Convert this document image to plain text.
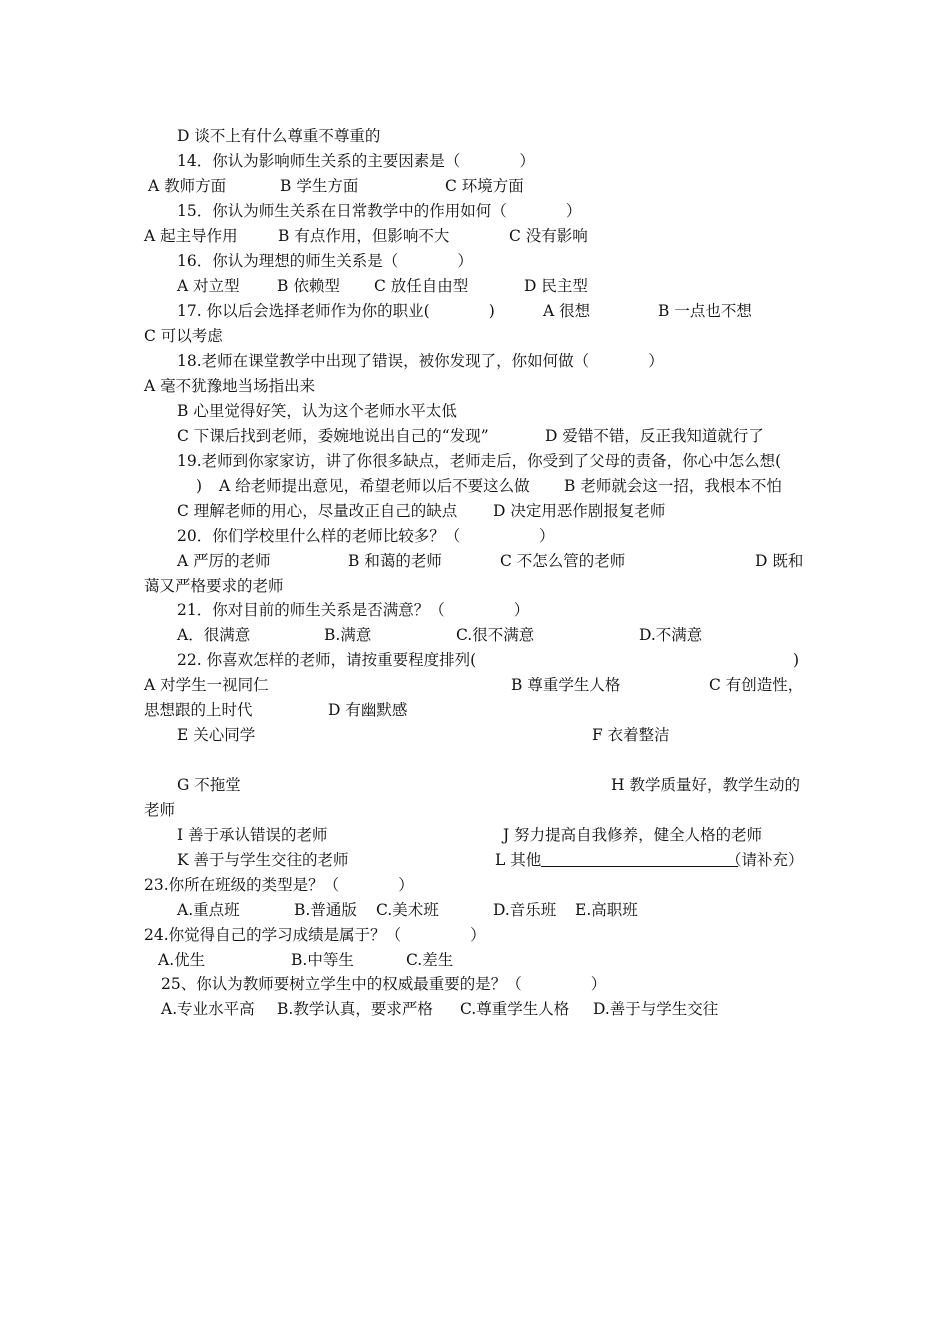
D 谈不上有什么尊重不尊重的
14．你认为影响师生关系的主要因素是（            ）
A 教师方面	B 学生方面	C 环境方面
15．你认为师生关系在日常教学中的作用如何（            ）
A 起主导作用	B 有点作用，但影响不大	C 没有影响
16．你认为理想的师生关系是（            ）
A 对立型 B 依赖型 C 放任自由型	D 民主型
17. 你以后会选择老师作为你的职业(            )	A 很想	B 一点也不想
C 可以考虑
18.老师在课堂教学中出现了错误，被你发现了，你如何做（            ）
A 毫不犹豫地当场指出来
B 心里觉得好笑，认为这个老师水平太低
C 下课后找到老师，委婉地说出自己的“发现”	D 爱错不错，反正我知道就行了
19.老师到你家家访，讲了你很多缺点，老师走后，你受到了父母的责备，你心中怎么想(
) A 给老师提出意见，希望老师以后不要这么做 B 老师就会这一招，我根本不怕
C 理解老师的用心，尽量改正自己的缺点 D 决定用恶作剧报复老师
20．你们学校里什么样的老师比较多？（                ）
A 严厉的老师	B 和蔼的老师	C 不怎么管的老师	D 既和
蔼又严格要求的老师
21．你对目前的师生关系是否满意？（              ）
A．很满意	B.满意	C.很不满意	D.不满意
22. 你喜欢怎样的老师，请按重要程度排列(	)
A 对学生一视同仁	B 尊重学生人格	C 有创造性，
思想跟的上时代	D 有幽默感
E 关心同学	F 衣着整洁
G 不拖堂	H 教学质量好，教学生动的
老师
I 善于承认错误的老师	J 努力提高自我修养，健全人格的老师
K 善于与学生交往的老师	L 其他
	（请补充）
23.你所在班级的类型是？（            ）
A.重点班	B.普通版 C.美术班	D.音乐班 E.高职班
24.你觉得自己的学习成绩是属于？（              ）
A.优生	B.中等生	C.差生
25、你认为教师要树立学生中的权威最重要的是？（              ）
A.专业水平高 B.教学认真，要求严格 C.尊重学生人格 D.善于与学生交往
